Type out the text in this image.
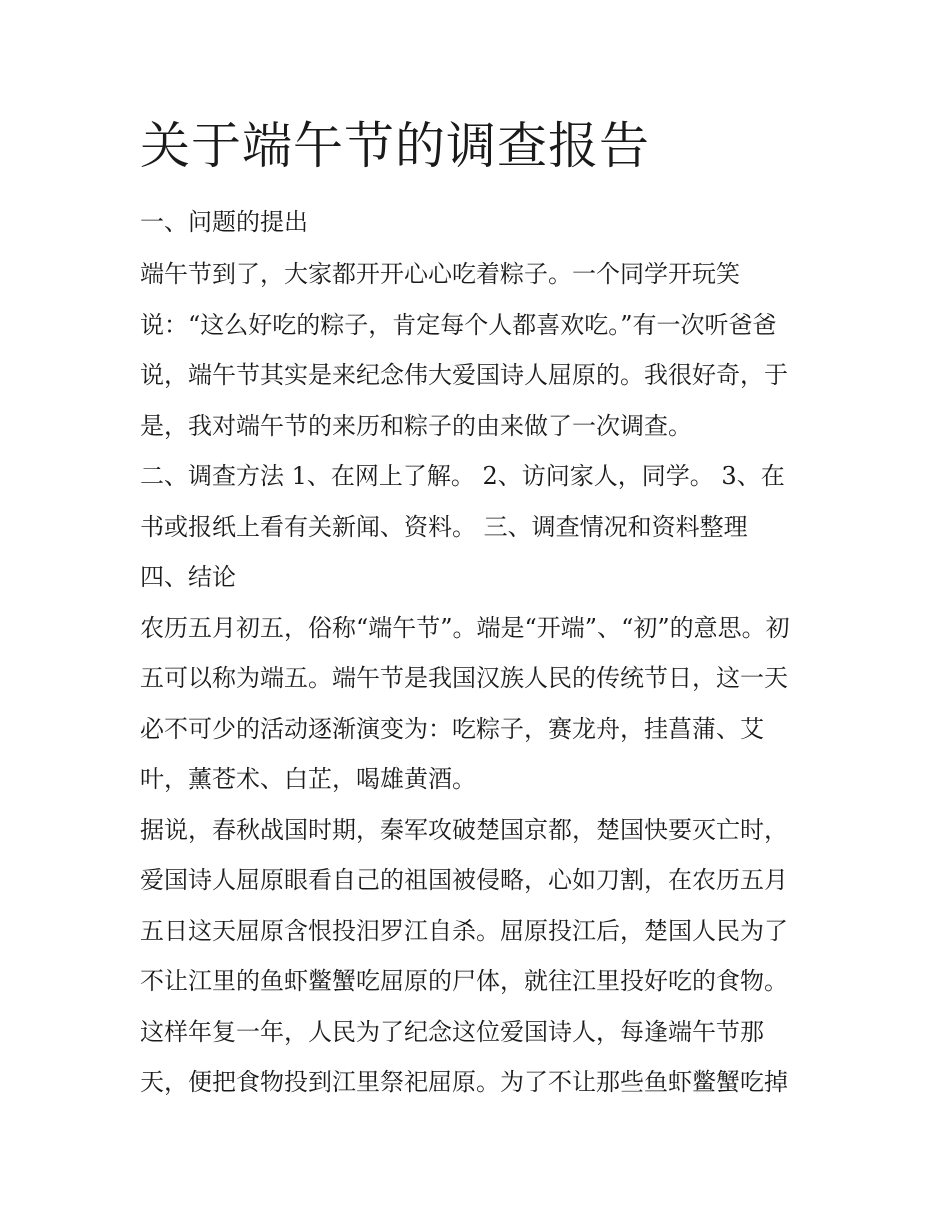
关于端午节的调查报告
一、问题的提出
端午节到了，大家都开开心心吃着粽子。一个同学开玩笑
说：“这么好吃的粽子，肯定每个人都喜欢吃。”有一次听爸爸
说，端午节其实是来纪念伟大爱国诗人屈原的。我很好奇，于
是，我对端午节的来历和粽子的由来做了一次调查。
二、调查方法 1、在网上了解。 2、访问家人，同学。 3、在
书或报纸上看有关新闻、资料。 三、调查情况和资料整理
四、结论
农历五月初五，俗称“端午节”。端是“开端”、“初”的意思。初
五可以称为端五。端午节是我国汉族人民的传统节日，这一天
必不可少的活动逐渐演变为：吃粽子，赛龙舟，挂菖蒲、艾
叶，薰苍术、白芷，喝雄黄酒。
据说，春秋战国时期，秦军攻破楚国京都，楚国快要灭亡时，
爱国诗人屈原眼看自己的祖国被侵略，心如刀割，在农历五月
五日这天屈原含恨投汨罗江自杀。屈原投江后，楚国人民为了
不让江里的鱼虾鳖蟹吃屈原的尸体，就往江里投好吃的食物。
这样年复一年，人民为了纪念这位爱国诗人，每逢端午节那
天，便把食物投到江里祭祀屈原。为了不让那些鱼虾鳖蟹吃掉
